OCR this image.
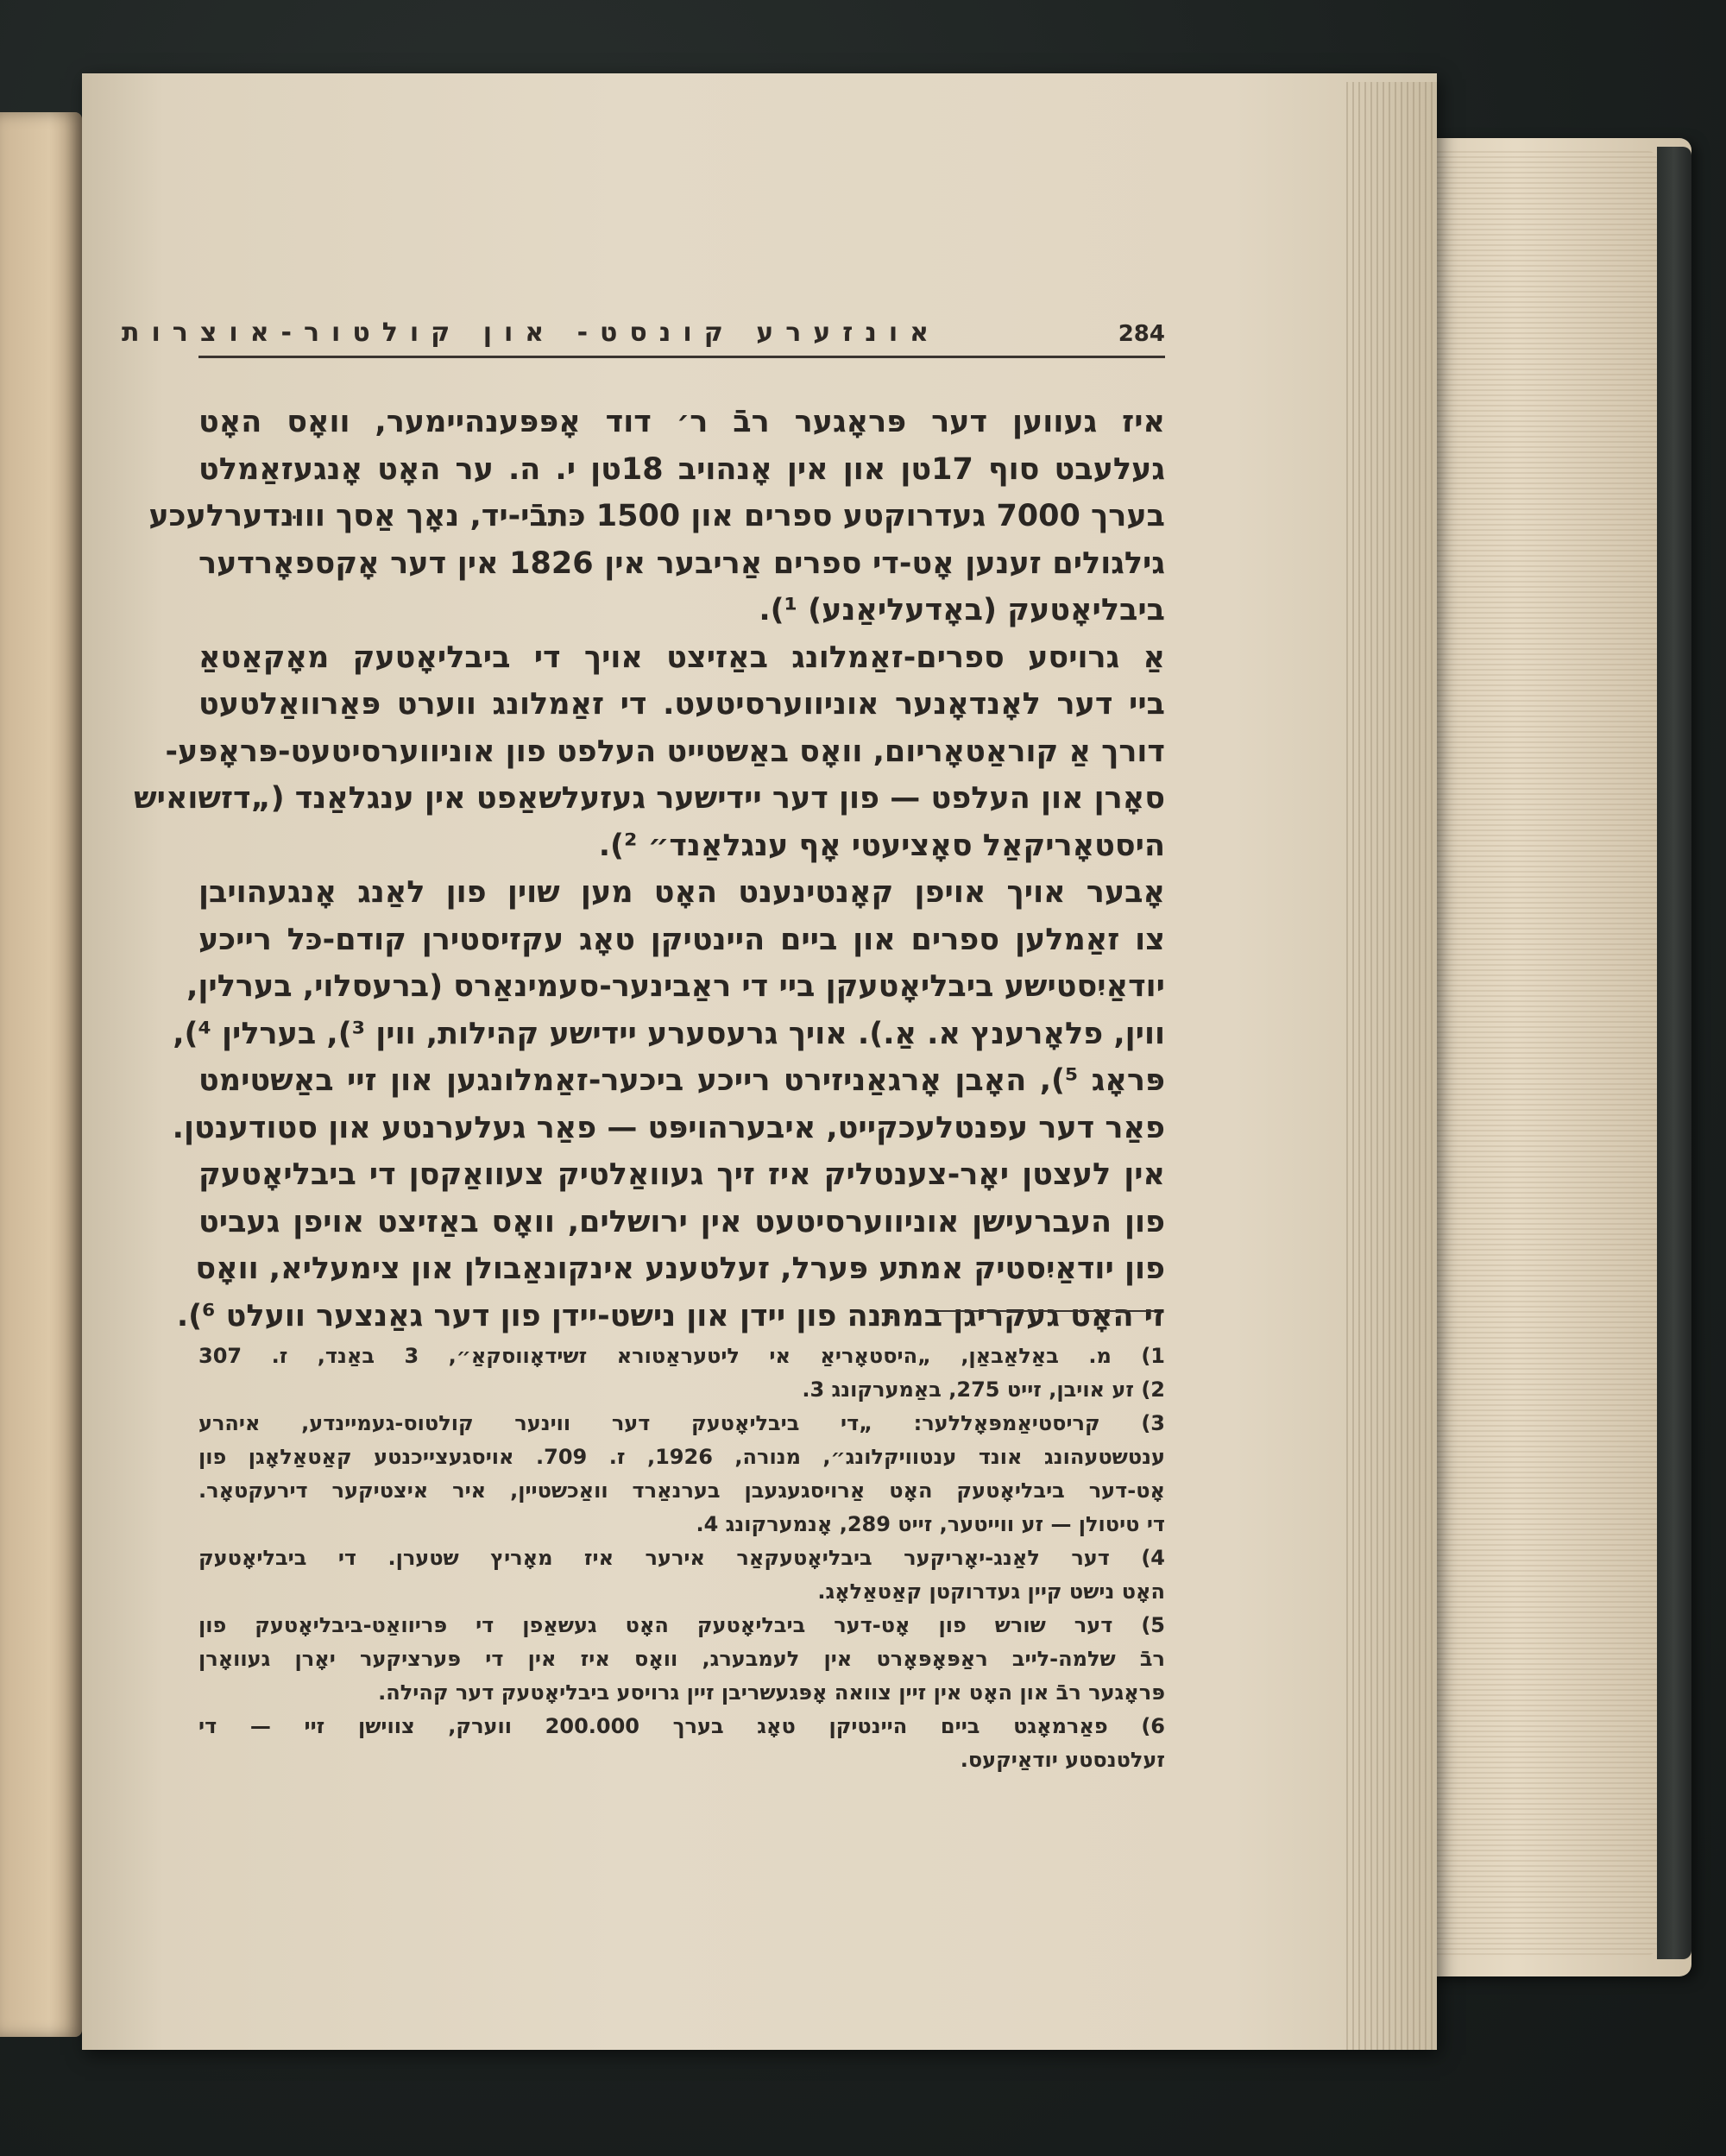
אונזערע קונסט- און קולטור-אוצרות	284
איז געווען דער פּראָגער רבֿ ר׳ דוד אָפּפּענהיימער, וואָס האָט
געלעבט סוף 17טן און אין אָנהויב 18טן י. ה. ער האָט אָנגעזאַמלט
בערך 7000 געדרוקטע ספרים און 1500 כּתבֿי-יד, נאָך אַסך וווּנדערלעכע
גילגולים זענען אָט-די ספרים אַריבער אין 1826 אין דער אָקספאָרדער
ביבליאָטעק (באָדעליאַנע) ¹).
אַ גרויסע ספרים-זאַמלונג באַזיצט אויך די ביבליאָטעק מאָקאַטאַ
ביי דער לאָנדאָנער אוניווערסיטעט. די זאַמלונג ווערט פּאַרוואַלטעט
דורך אַ קוראַטאָריום, וואָס באַשטייט העלפט פון אוניווערסיטעט-פּראָפּע-
סאָרן און העלפט — פון דער יידישער געזעלשאַפט אין ענגלאַנד („דזשואיש
היסטאָריקאַל סאָציעטי אָף ענגלאַנד״ ²).
אָבער אויך אויפן קאָנטינענט האָט מען שוין פון לאַנג אָנגעהויבן
צו זאַמלען ספרים און ביים היינטיקן טאָג עקזיסטירן קודם-כּל רייכע
יודאַיִסטישע ביבליאָטעקן ביי די ראַבינער-סעמינאַרס (ברעסלוי, בערלין,
ווין, פלאָרענץ א. אַ.). אויך גרעסערע יידישע קהילות, ווין ³), בערלין ⁴),
פּראָג ⁵), האָבן אָרגאַניזירט רייכע ביכער-זאַמלונגען און זיי באַשטימט
פאַר דער עפנטלעכקייט, איבערהויפּט — פאַר געלערנטע און סטודענטן.
אין לעצטן יאָר-צענטליק איז זיך געוואַלטיק צעוואַקסן די ביבליאָטעק
פון העברעישן אוניווערסיטעט אין ירושלים, וואָס באַזיצט אויפן געביט
פון יודאַיִסטיק אמתע פּערל, זעלטענע אינקונאַבולן און צימעליא, וואָס
זי האָט געקריגן במתּנה פון יידן און נישט-יידן פון דער גאַנצער וועלט ⁶).
1) מ. באַלאַבאַן, „היסטאָריאַ אי ליטעראַטורא זשידאָווסקאַ״, 3 באַנד, ז. 307
2) זע אויבן, זייט 275, באַמערקונג 3.
3) קריסטיאַמפּאָללער: „די ביבליאָטעק דער ווינער קולטוס-געמיינדע, איהרע
ענטשטעהונג אונד ענטוויקלונג״, מנורה, 1926, ז. 709. אויסגעצייכנטע קאַטאַלאָגן פון
אָט-דער ביבליאָטעק האָט אַרויסגעגעבן בערנאַרד וואַכשטיין, איר איצטיקער דירעקטאָר.
די טיטולן — זע ווייטער, זייט 289, אָנמערקונג 4.
4) דער לאַנג-יאָריקער ביבליאָטעקאַר אירער איז מאָריץ שטערן. די ביבליאָטעק
האָט נישט קיין געדרוקטן קאַטאַלאָג.
5) דער שורש פון אָט-דער ביבליאָטעק האָט געשאַפן די פּריוואַט-ביבליאָטעק פון
רבֿ שלמה-לייב ראַפּאָפּאָרט אין לעמבערג, וואָס איז אין די פּערציקער יאָרן געוואָרן
פּראָגער רבֿ און האָט אין זיין צוואה אָפּגעשריבן זיין גרויסע ביבליאָטעק דער קהילה.
6) פאַרמאָגט ביים היינטיקן טאָג בערך 200.000 ווערק, צווישן זיי — די
זעלטנסטע יודאַיקעס.
